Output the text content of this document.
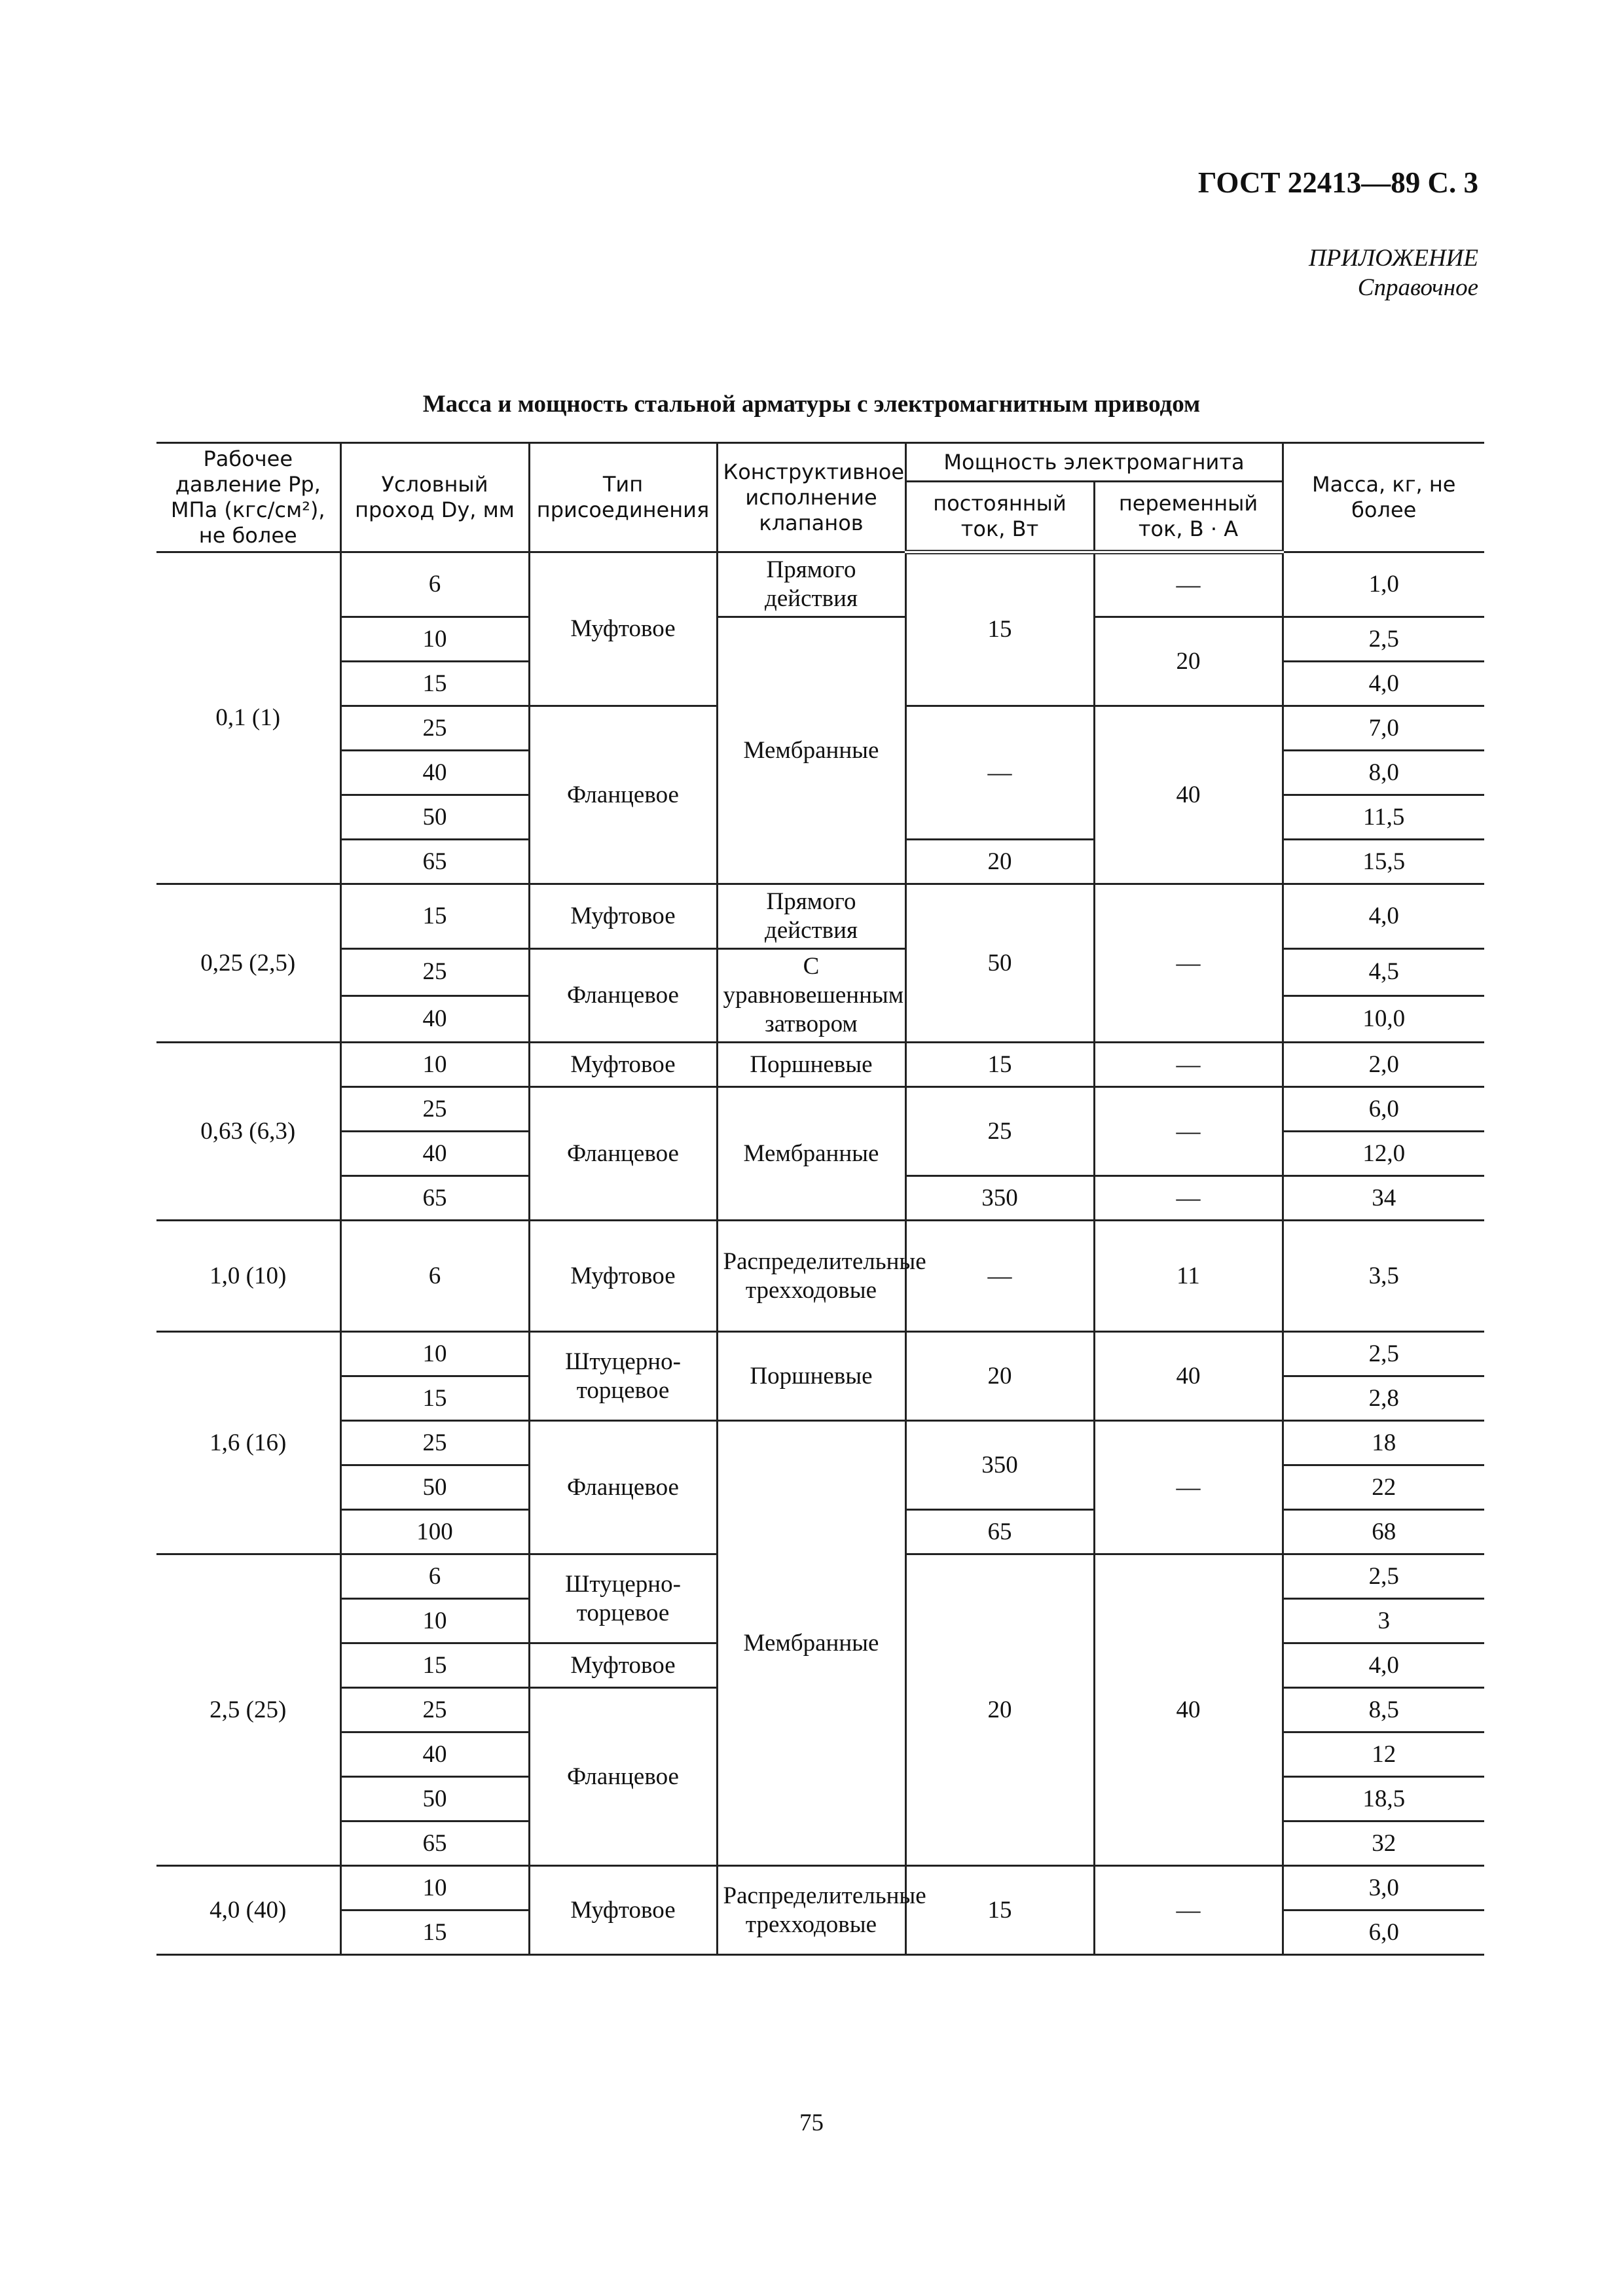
ГОСТ 22413—89 С. 3
ПРИЛОЖЕНИЕ
Справочное
Масса и мощность стальной арматуры с электромагнитным приводом
Рабочее давление Pр, МПа (кгс/см²), не более	Условный проход Dу, мм	Тип присоединения	Конструктивное исполнение клапанов	Мощность электромагнита		Масса, кг, не более
				постоянный ток, Вт	переменный ток, В · А	
0,1 (1)	6	Муфтовое	Прямого действия	15	—	1,0
	10		Мембранные		20	2,5
	15					4,0
	25	Фланцевое		—	40	7,0
	40					8,0
	50					11,5
	65			20		15,5
0,25 (2,5)	15	Муфтовое	Прямого действия	50	—	4,0
	25	Фланцевое	С уравновешенным затвором			4,5
	40					10,0
0,63 (6,3)	10	Муфтовое	Поршневые	15	—	2,0
	25	Фланцевое	Мембранные	25	—	6,0
	40					12,0
	65			350	—	34
1,0 (10)	6	Муфтовое	Распределительные трехходовые	—	11	3,5
1,6 (16)	10	Штуцерно-торцевое	Поршневые	20	40	2,5
	15					2,8
	25	Фланцевое	Мембранные	350	—	18
	50					22
	100			65		68
2,5 (25)	6	Штуцерно-торцевое		20	40	2,5
	10					3
	15	Муфтовое				4,0
	25	Фланцевое				8,5
	40					12
	50					18,5
	65					32
4,0 (40)	10	Муфтовое	Распределительные трехходовые	15	—	3,0
	15					6,0
75
